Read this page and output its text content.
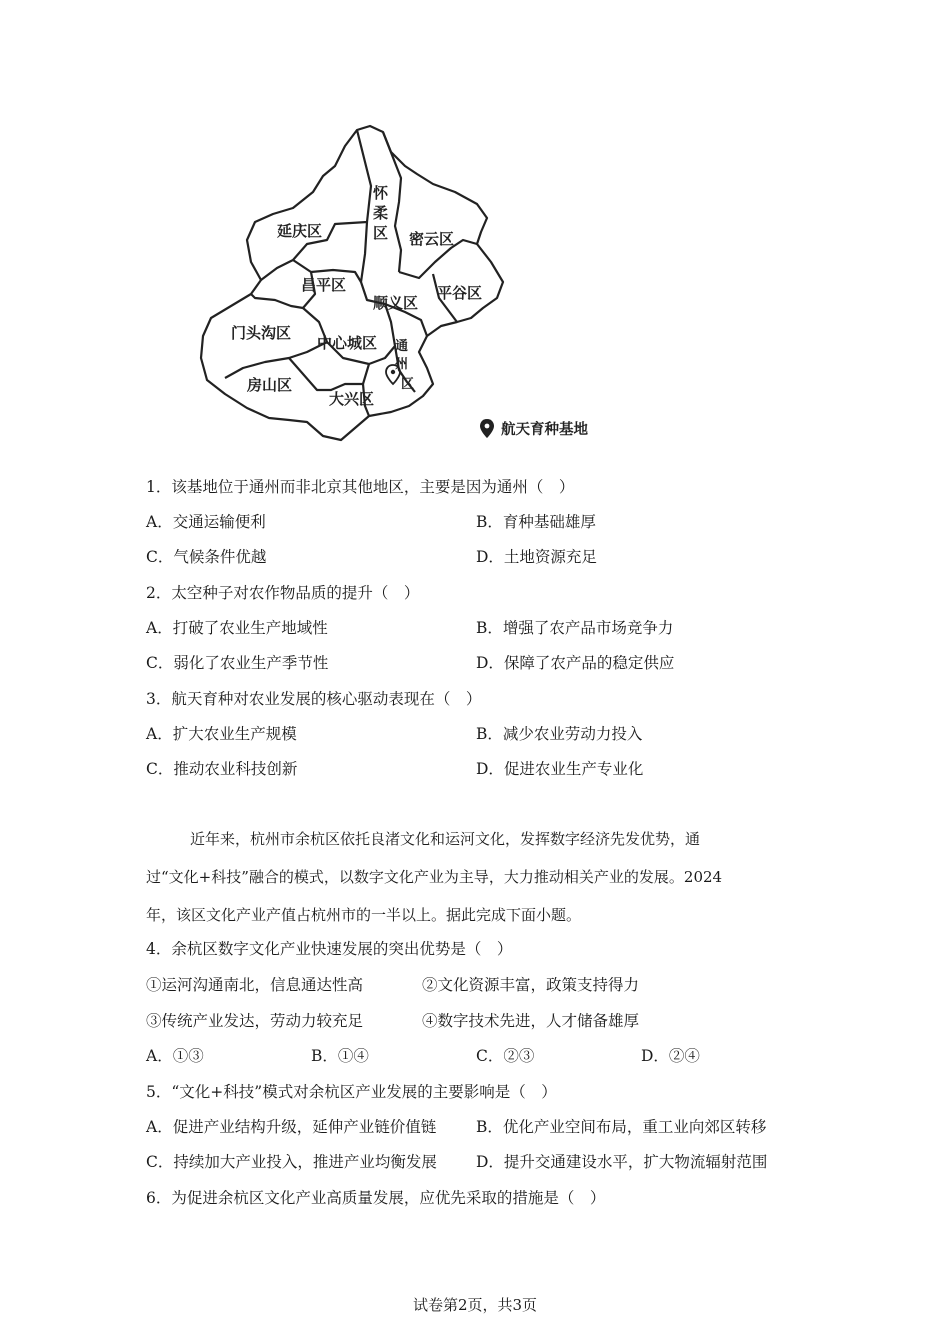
延庆区
怀
柔
区 密云区
昌平区
顺义区
平谷区
门头沟区
中心城区 通
州
区
房山区
大兴区
航天育种基地
1．该基地位于通州而非北京其他地区，主要是因为通州（　）
A．交通运输便利	B．育种基础雄厚
C．气候条件优越	D．土地资源充足
2．太空种子对农作物品质的提升（　）
A．打破了农业生产地域性	B．增强了农产品市场竞争力
C．弱化了农业生产季节性	D．保障了农产品的稳定供应
3．航天育种对农业发展的核心驱动表现在（　）
A．扩大农业生产规模	B．减少农业劳动力投入
C．推动农业科技创新	D．促进农业生产专业化
近年来，杭州市余杭区依托良渚文化和运河文化，发挥数字经济先发优势，通
过“文化+科技”融合的模式，以数字文化产业为主导，大力推动相关产业的发展。2024
年，该区文化产业产值占杭州市的一半以上。据此完成下面小题。
4．余杭区数字文化产业快速发展的突出优势是（　）
①运河沟通南北，信息通达性高	②文化资源丰富，政策支持得力
③传统产业发达，劳动力较充足	④数字技术先进，人才储备雄厚
A．①③	B．①④	C．②③	D．②④
5．“文化+科技”模式对余杭区产业发展的主要影响是（　）
A．促进产业结构升级，延伸产业链价值链	B．优化产业空间布局，重工业向郊区转移
C．持续加大产业投入，推进产业均衡发展	D．提升交通建设水平，扩大物流辐射范围
6．为促进余杭区文化产业高质量发展，应优先采取的措施是（　）
试卷第2页，共3页
